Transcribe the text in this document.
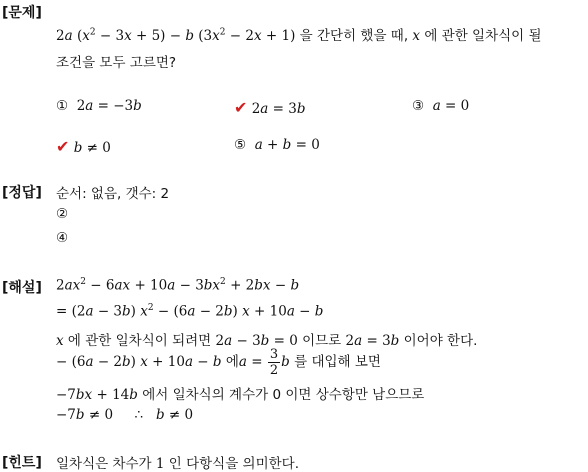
[문제]
[정답]
[해설]
[힌트]
2a $(x^2 - 3x + 5) - b$ $(3x^2 - 2x + 1)$ 을 간단히 했을 때, x 에 관한 일차식이 될
조건을 모두 고르면?
①  2a = −3b	✔ 2a = 3b	③ a = 0
✔ b ≠ 0	⑤ a + b = 0
순서: 없음, 갯수: 2
②
④
$2ax^2 - 6ax + 10a - 3bx^2 + 2bx - b$
= (2a − 3b) $x^2 - (6a - 2b) x + 10a - b$
x 에 관한 일차식이 되려면 2a − 3b = 0 이므로 2a = 3b 이어야 한다.
− (6a − 2b) x + 10a − b 에$a = \frac{3}{2}$ b 를 대입해 보면
−7bx + 14b 에서 일차식의 계수가 0 이면 상수항만 남으므로
−7b ≠ 0     ∴   b ≠ 0
일차식은 차수가 1 인 다항식을 의미한다.
